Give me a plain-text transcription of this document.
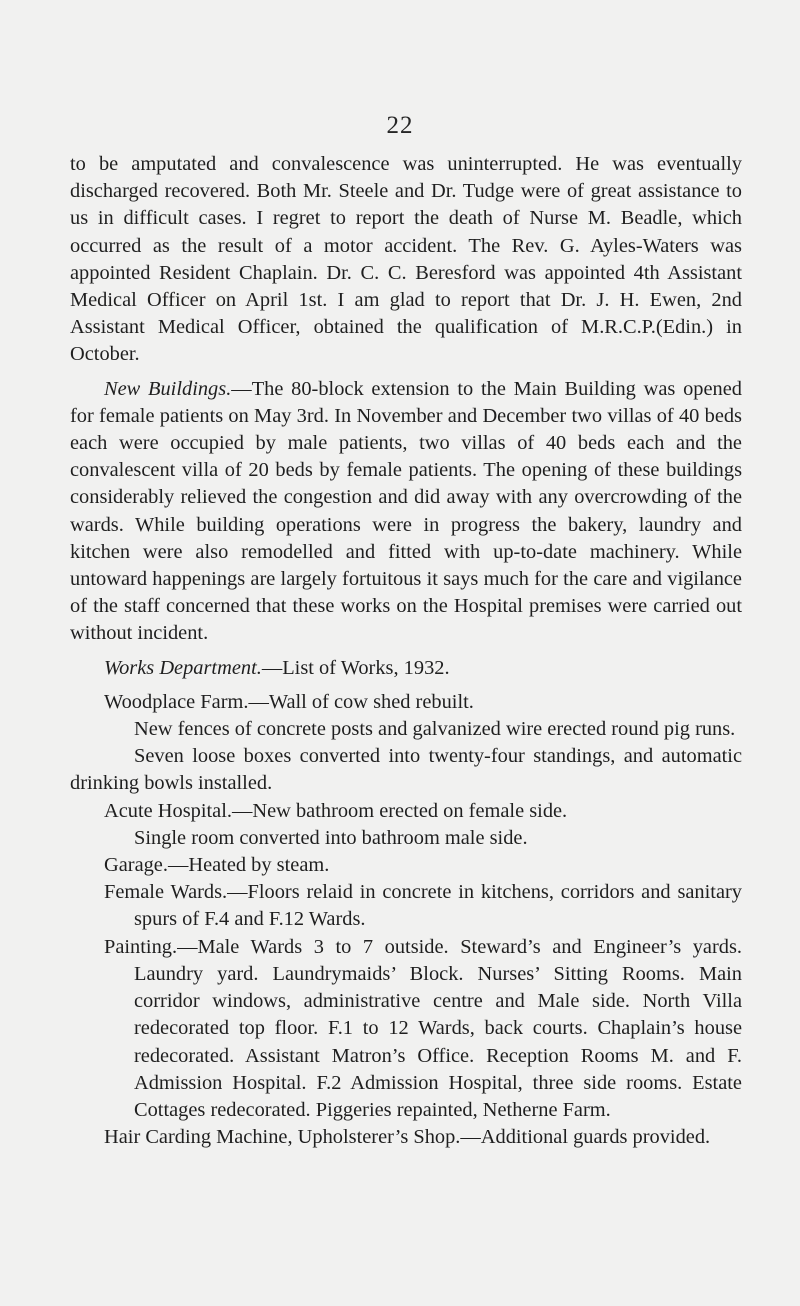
22

to be amputated and convalescence was uninterrupted. He was eventually discharged recovered. Both Mr. Steele and Dr. Tudge were of great assistance to us in difficult cases. I regret to report the death of Nurse M. Beadle, which occurred as the result of a motor accident. The Rev. G. Ayles-Waters was appointed Resident Chaplain. Dr. C. C. Beresford was appointed 4th Assistant Medical Officer on April 1st. I am glad to report that Dr. J. H. Ewen, 2nd Assistant Medical Officer, obtained the qualification of M.R.C.P.(Edin.) in October.

New Buildings.—The 80-block extension to the Main Building was opened for female patients on May 3rd. In November and December two villas of 40 beds each were occupied by male patients, two villas of 40 beds each and the convalescent villa of 20 beds by female patients. The opening of these buildings considerably relieved the congestion and did away with any overcrowding of the wards. While building operations were in progress the bakery, laundry and kitchen were also remodelled and fitted with up-to-date machinery. While untoward happenings are largely fortuitous it says much for the care and vigilance of the staff concerned that these works on the Hospital premises were carried out without incident.

Works Department.—List of Works, 1932.

Woodplace Farm.—Wall of cow shed rebuilt.

New fences of concrete posts and galvanized wire erected round pig runs.

Seven loose boxes converted into twenty-four standings, and automatic drinking bowls installed.

Acute Hospital.—New bathroom erected on female side.

Single room converted into bathroom male side.

Garage.—Heated by steam.

Female Wards.—Floors relaid in concrete in kitchens, corridors and sanitary spurs of F.4 and F.12 Wards.

Painting.—Male Wards 3 to 7 outside. Steward’s and Engineer’s yards. Laundry yard. Laundrymaids’ Block. Nurses’ Sitting Rooms. Main corridor windows, administrative centre and Male side. North Villa redecorated top floor. F.1 to 12 Wards, back courts. Chaplain’s house redecorated. Assistant Matron’s Office. Reception Rooms M. and F. Admission Hospital. F.2 Admission Hospital, three side rooms. Estate Cottages redecorated. Piggeries repainted, Netherne Farm.

Hair Carding Machine, Upholsterer’s Shop.—Additional guards provided.
